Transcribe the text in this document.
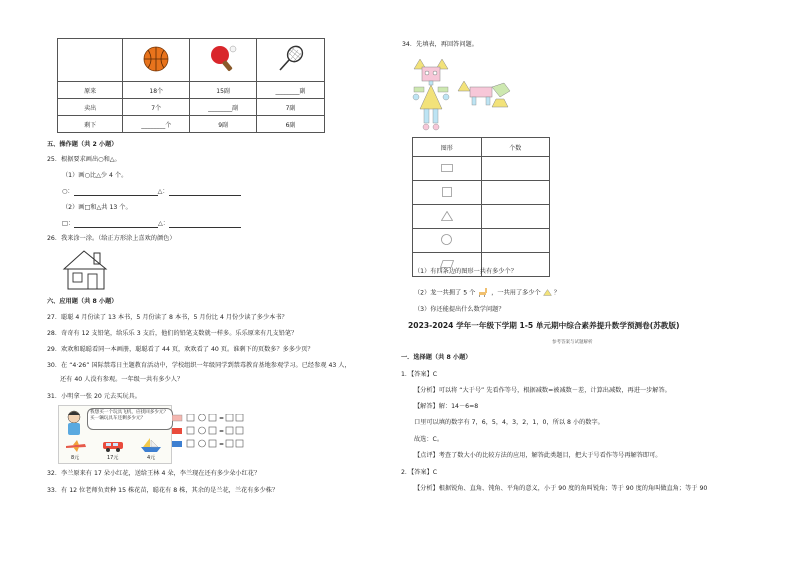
原来	18个	15副	________副
卖出	7个	________副	7副
剩下	________个	9副	6副
五、操作题（共 2 小题）
25．根据要求画出○和△。
（1）画○比△少 4 个。
○：	△：
（2）画□和△共 13 个。
□：	△：
26．我来涂一涂。（给正方形涂上喜欢的颜色）
六、应用题（共 8 小题）
27．聪聪 4 月份读了 13 本书，5 月份读了 8 本书，5 月份比 4 月份少读了多少本书？
28．奇奇有 12 支铅笔，给乐乐 3 支后，他们的铅笔支数就一样多。乐乐原来有几支铅笔？
29．欢欢和聪聪看同一本画册，聪聪看了 44 页，欢欢看了 40 页。谁剩下的页数多？多多少页？
30．在 “4·26” 国际禁毒日主题教育活动中，学校组织一年级同学到禁毒教育基地参观学习。已经参观 43 人，
还有 40 人没有参观。一年级一共有多少人？
31．小明拿一张 20 元去买玩具。
我想买一个玩具飞机，应找回多少元？买一辆玩具车还剩多少元？
8元	17元	4元
=
=
=
32．李兰原来有 17 朵小红花，送给王林 4 朵，李兰现在还有多少朵小红花？
33．有 12 位老师负责种 15 株花苗，聪花有 8 株，其余的是兰花，兰花有多少株？
34．先填表，再回答问题。
图形	个数

（1）有四条边的图形一共有多少个？
（2）龙一共拥了 5 个	，一共用了多少个 ？
（3）你还能提出什么数学问题？
2023-2024 学年一年级下学期 1-5 单元期中综合素养提升数学预测卷(苏教版)
参考答案与试题解析
一．选择题（共 8 小题）
1．【答案】C
【分析】可以将 “大于号” 先看作等号，根据减数=被减数－差，计算出减数，再进一步解答。
【解答】解：14－6=8
口里可以填的数字有 7，6，5，4，3，2，1，0，所以 8 小的数字。
故选：C。
【点评】考查了数大小的比较方法的应用，解答此类题目，把大于号看作等号再解答即可。
2．【答案】C
【分析】根据锐角、直角、钝角、平角的意义，小于 90 度的角叫锐角；等于 90 度的角叫做直角；等于 90
